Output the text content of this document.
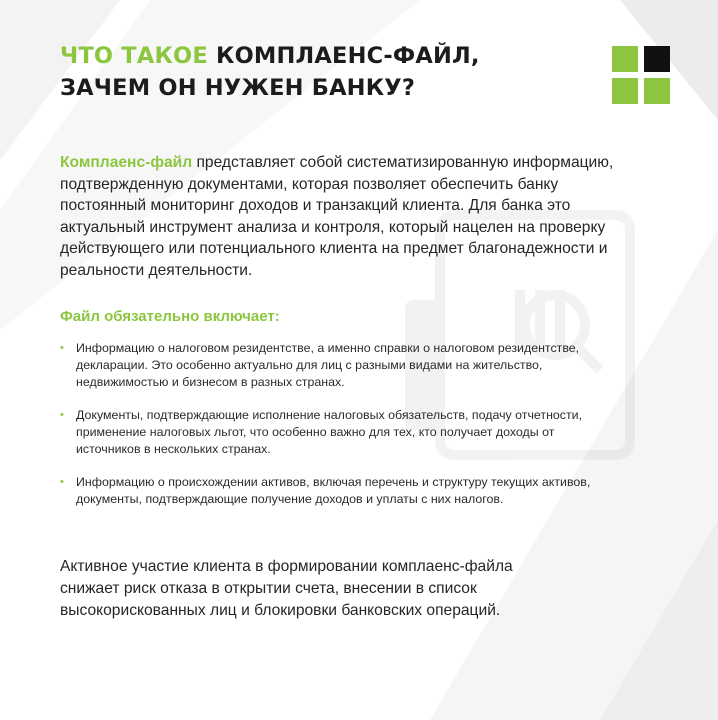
ЧТО ТАКОЕ КОМПЛАЕНС-ФАЙЛ,
ЗАЧЕМ ОН НУЖЕН БАНКУ?

Комплаенс-файл представляет собой систематизированную информацию, подтвержденную документами, которая позволяет обеспечить банку постоянный мониторинг доходов и транзакций клиента. Для банка это актуальный инструмент анализа и контроля, который нацелен на проверку действующего или потенциального клиента на предмет благонадежности и реальности деятельности.

Файл обязательно включает:
• Информацию о налоговом резидентстве, а именно справки о налоговом резидентстве, декларации. Это особенно актуально для лиц с разными видами на жительство, недвижимостью и бизнесом в разных странах.
• Документы, подтверждающие исполнение налоговых обязательств, подачу отчетности, применение налоговых льгот, что особенно важно для тех, кто получает доходы от источников в нескольких странах.
• Информацию о происхождении активов, включая перечень и структуру текущих активов, документы, подтверждающие получение доходов и уплаты с них налогов.

Активное участие клиента в формировании комплаенс-файла снижает риск отказа в открытии счета, внесении в список высокорискованных лиц и блокировки банковских операций.
